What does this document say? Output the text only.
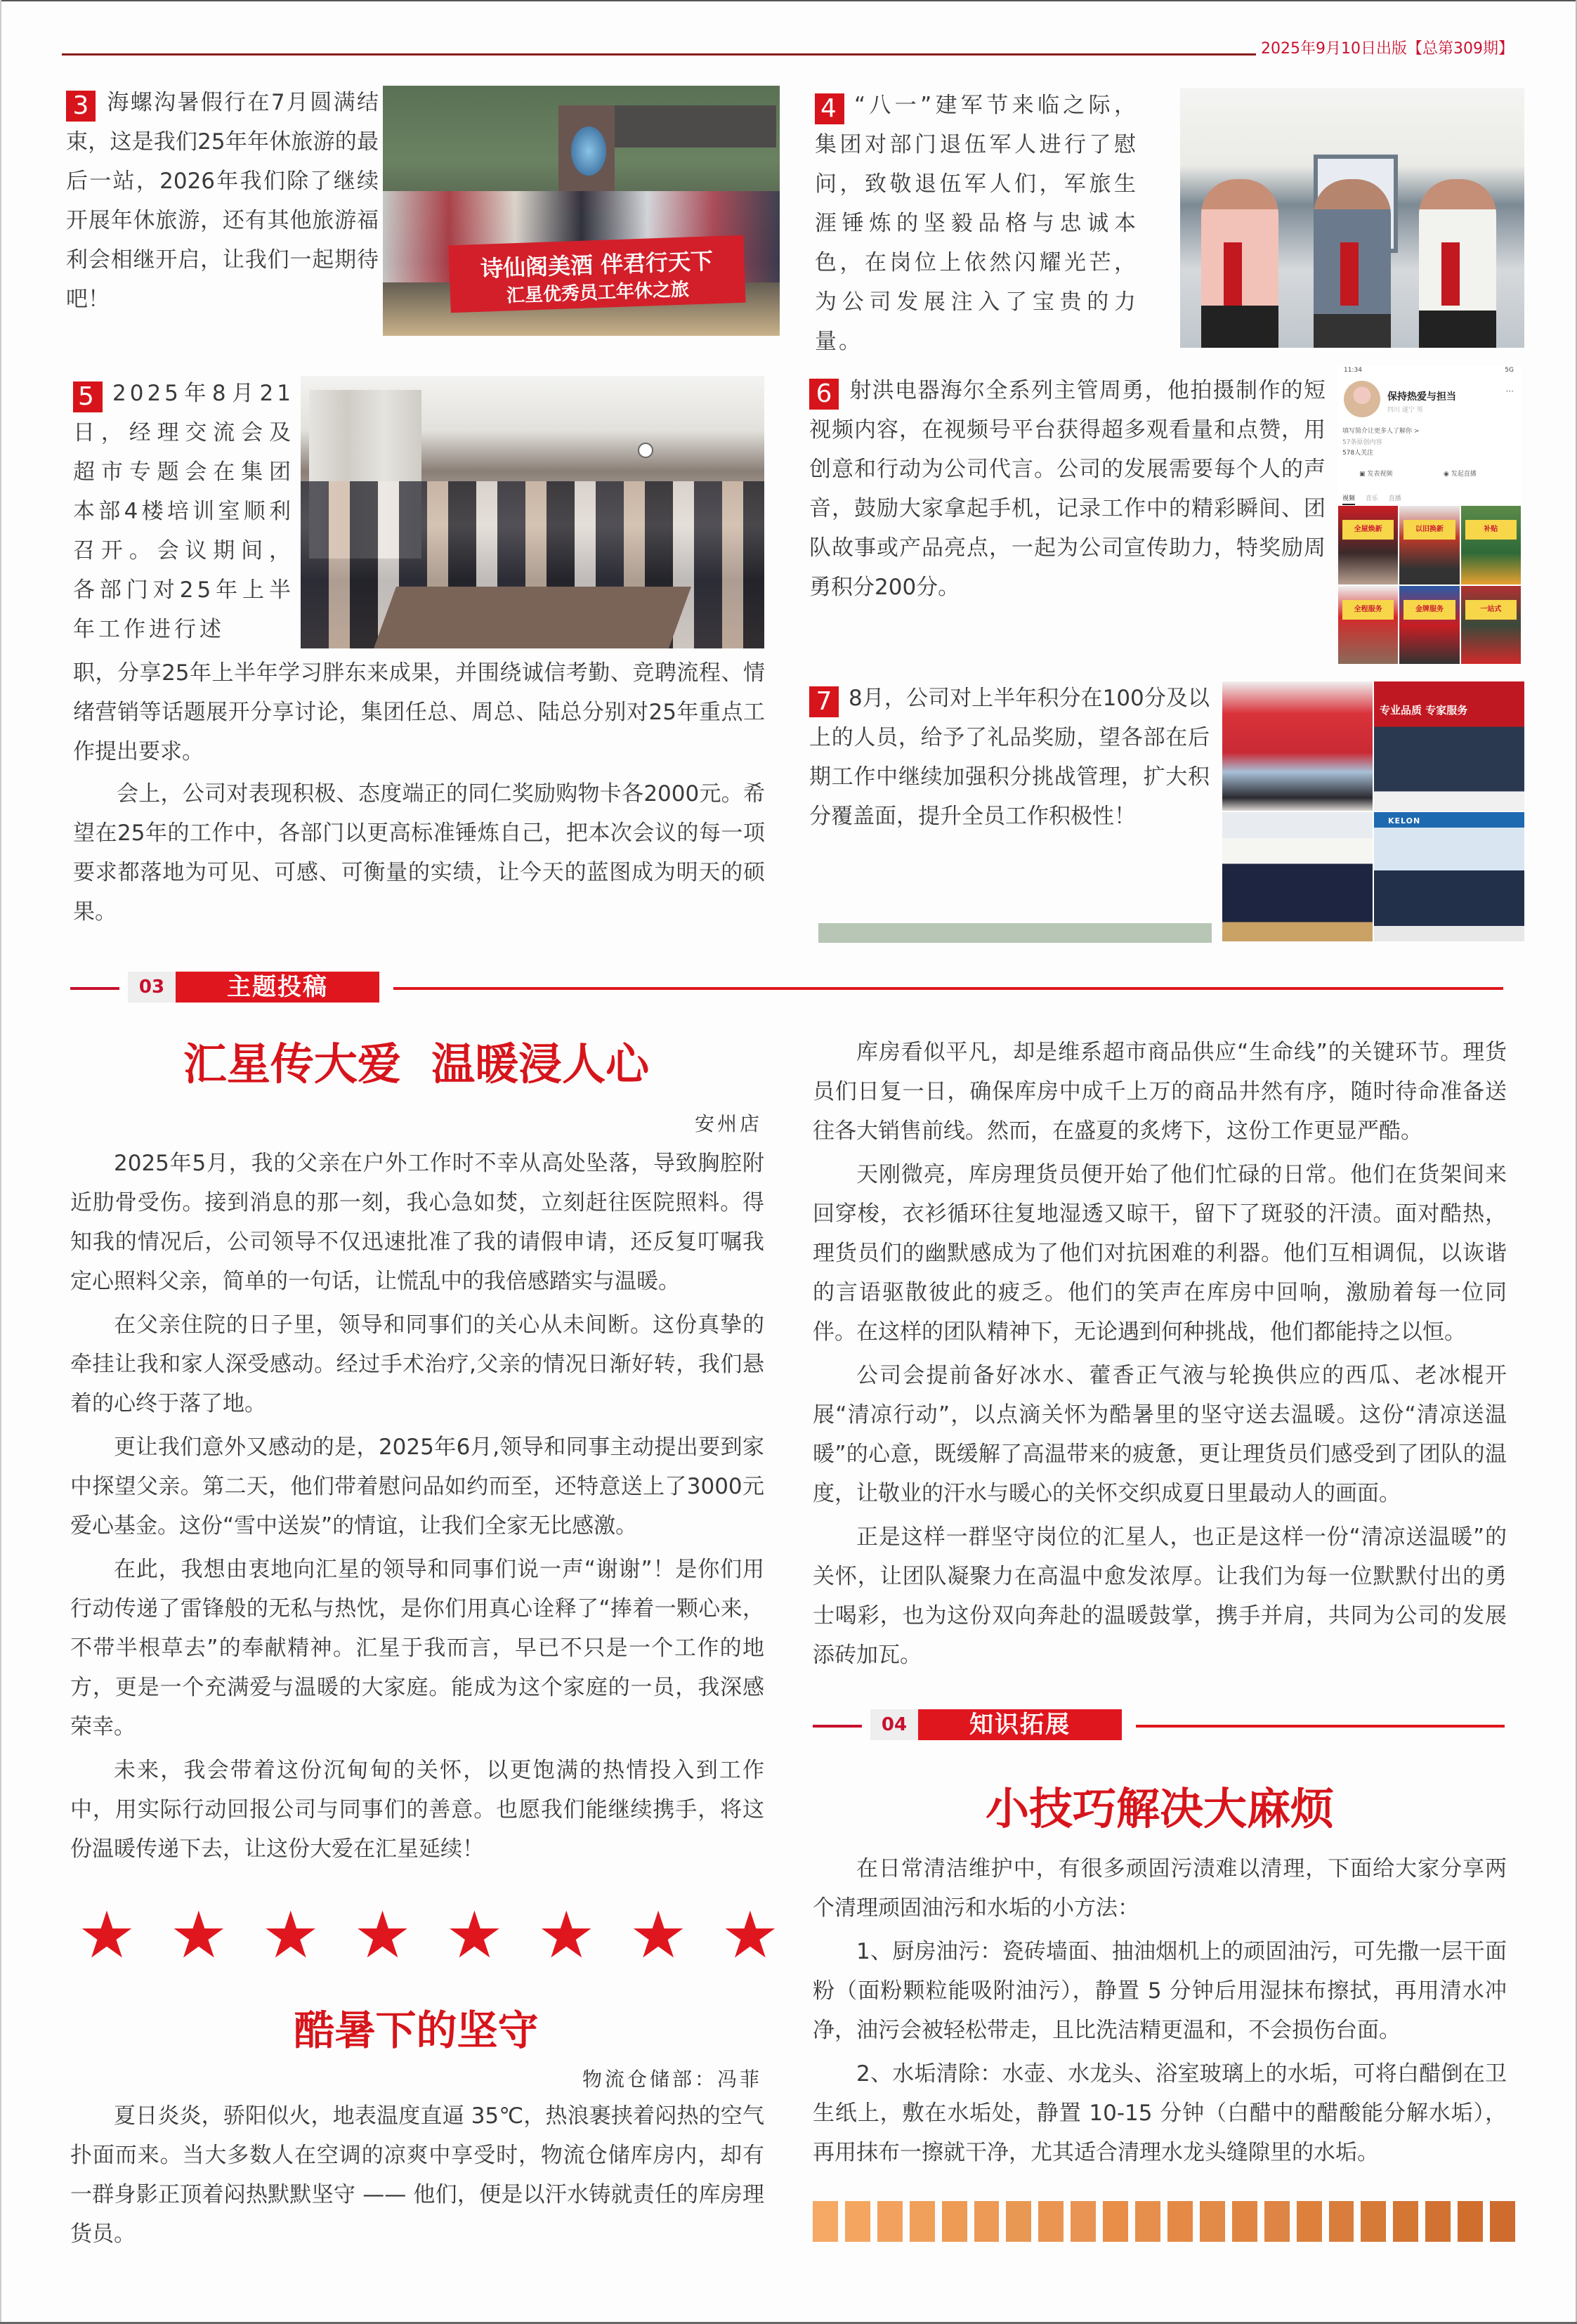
2025年9月10日出版【总第309期】
3 海螺沟暑假行在7月圆满结束，这是我们25年年休旅游的最后一站，2026年我们除了继续开展年休旅游，还有其他旅游福利会相继开启，让我们一起期待吧！
诗仙阁美酒 伴君行天下
汇星优秀员工年休之旅
4 “八一”建军节来临之际，集团对部门退伍军人进行了慰问，致敬退伍军人们，军旅生涯锤炼的坚毅品格与忠诚本色，在岗位上依然闪耀光芒，为公司发展注入了宝贵的力量。
5 2025年8月21日，经理交流会及超市专题会在集团本部4楼培训室顺利召开。会议期间，各部门对25年上半年工作进行述
职，分享25年上半年学习胖东来成果，并围绕诚信考勤、竞聘流程、情绪营销等话题展开分享讨论，集团任总、周总、陆总分别对25年重点工作提出要求。
会上，公司对表现积极、态度端正的同仁奖励购物卡各2000元。希望在25年的工作中，各部门以更高标准锤炼自己，把本次会议的每一项要求都落地为可见、可感、可衡量的实绩，让今天的蓝图成为明天的硕果。
6 射洪电器海尔全系列主管周勇，他拍摄制作的短视频内容，在视频号平台获得超多观看量和点赞，用创意和行动为公司代言。公司的发展需要每个人的声音，鼓励大家拿起手机，记录工作中的精彩瞬间、团队故事或产品亮点，一起为公司宣传助力，特奖励周勇积分200分。
11:34	5G
保持热爱与担当
四川 遂宁 男
···
填写简介让更多人了解你 >
57条原创内容
578人关注
▣ 发表视频	◉ 发起直播
视频 音乐 直播
全屋焕新	以旧换新	补贴
全程服务	金牌服务	一站式
7 8月，公司对上半年积分在100分及以上的人员，给予了礼品奖励，望各部在后期工作中继续加强积分挑战管理，扩大积分覆盖面，提升全员工作积极性！
专业品质 专家服务
KELON
03	主题投稿
汇星传大爱  温暖浸人心
安州店

2025年5月，我的父亲在户外工作时不幸从高处坠落，导致胸腔附近肋骨受伤。接到消息的那一刻，我心急如焚，立刻赶往医院照料。得知我的情况后，公司领导不仅迅速批准了我的请假申请，还反复叮嘱我定心照料父亲，简单的一句话，让慌乱中的我倍感踏实与温暖。

在父亲住院的日子里，领导和同事们的关心从未间断。这份真挚的牵挂让我和家人深受感动。经过手术治疗,父亲的情况日渐好转，我们悬着的心终于落了地。

更让我们意外又感动的是，2025年6月,领导和同事主动提出要到家中探望父亲。第二天，他们带着慰问品如约而至，还特意送上了3000元爱心基金。这份“雪中送炭”的情谊，让我们全家无比感激。

在此，我想由衷地向汇星的领导和同事们说一声“谢谢”！是你们用行动传递了雷锋般的无私与热忱，是你们用真心诠释了“捧着一颗心来，不带半根草去”的奉献精神。汇星于我而言，早已不只是一个工作的地方，更是一个充满爱与温暖的大家庭。能成为这个家庭的一员，我深感荣幸。

未来，我会带着这份沉甸甸的关怀，以更饱满的热情投入到工作中，用实际行动回报公司与同事们的善意。也愿我们能继续携手，将这份温暖传递下去，让这份大爱在汇星延续！

★ ★ ★ ★ ★ ★ ★ ★
酷暑下的坚守
物流仓储部：冯菲

夏日炎炎，骄阳似火，地表温度直逼 35℃，热浪裹挟着闷热的空气扑面而来。当大多数人在空调的凉爽中享受时，物流仓储库房内，却有一群身影正顶着闷热默默坚守 —— 他们，便是以汗水铸就责任的库房理货员。

库房看似平凡，却是维系超市商品供应“生命线”的关键环节。理货员们日复一日，确保库房中成千上万的商品井然有序，随时待命准备送往各大销售前线。然而，在盛夏的炙烤下，这份工作更显严酷。

天刚微亮，库房理货员便开始了他们忙碌的日常。他们在货架间来回穿梭，衣衫循环往复地湿透又晾干，留下了斑驳的汗渍。面对酷热，理货员们的幽默感成为了他们对抗困难的利器。他们互相调侃，以诙谐的言语驱散彼此的疲乏。他们的笑声在库房中回响，激励着每一位同伴。在这样的团队精神下，无论遇到何种挑战，他们都能持之以恒。

公司会提前备好冰水、藿香正气液与轮换供应的西瓜、老冰棍开展“清凉行动”，以点滴关怀为酷暑里的坚守送去温暖。这份“清凉送温暖”的心意，既缓解了高温带来的疲惫，更让理货员们感受到了团队的温度，让敬业的汗水与暖心的关怀交织成夏日里最动人的画面。

正是这样一群坚守岗位的汇星人，也正是这样一份“清凉送温暖”的关怀，让团队凝聚力在高温中愈发浓厚。让我们为每一位默默付出的勇士喝彩，也为这份双向奔赴的温暖鼓掌，携手并肩，共同为公司的发展添砖加瓦。

04	知识拓展
小技巧解决大麻烦

在日常清洁维护中，有很多顽固污渍难以清理，下面给大家分享两个清理顽固油污和水垢的小方法：

1、厨房油污：瓷砖墙面、抽油烟机上的顽固油污，可先撒一层干面粉（面粉颗粒能吸附油污），静置 5 分钟后用湿抹布擦拭，再用清水冲净，油污会被轻松带走，且比洗洁精更温和，不会损伤台面。

2、水垢清除：水壶、水龙头、浴室玻璃上的水垢，可将白醋倒在卫生纸上，敷在水垢处，静置 10-15 分钟（白醋中的醋酸能分解水垢），再用抹布一擦就干净，尤其适合清理水龙头缝隙里的水垢。
